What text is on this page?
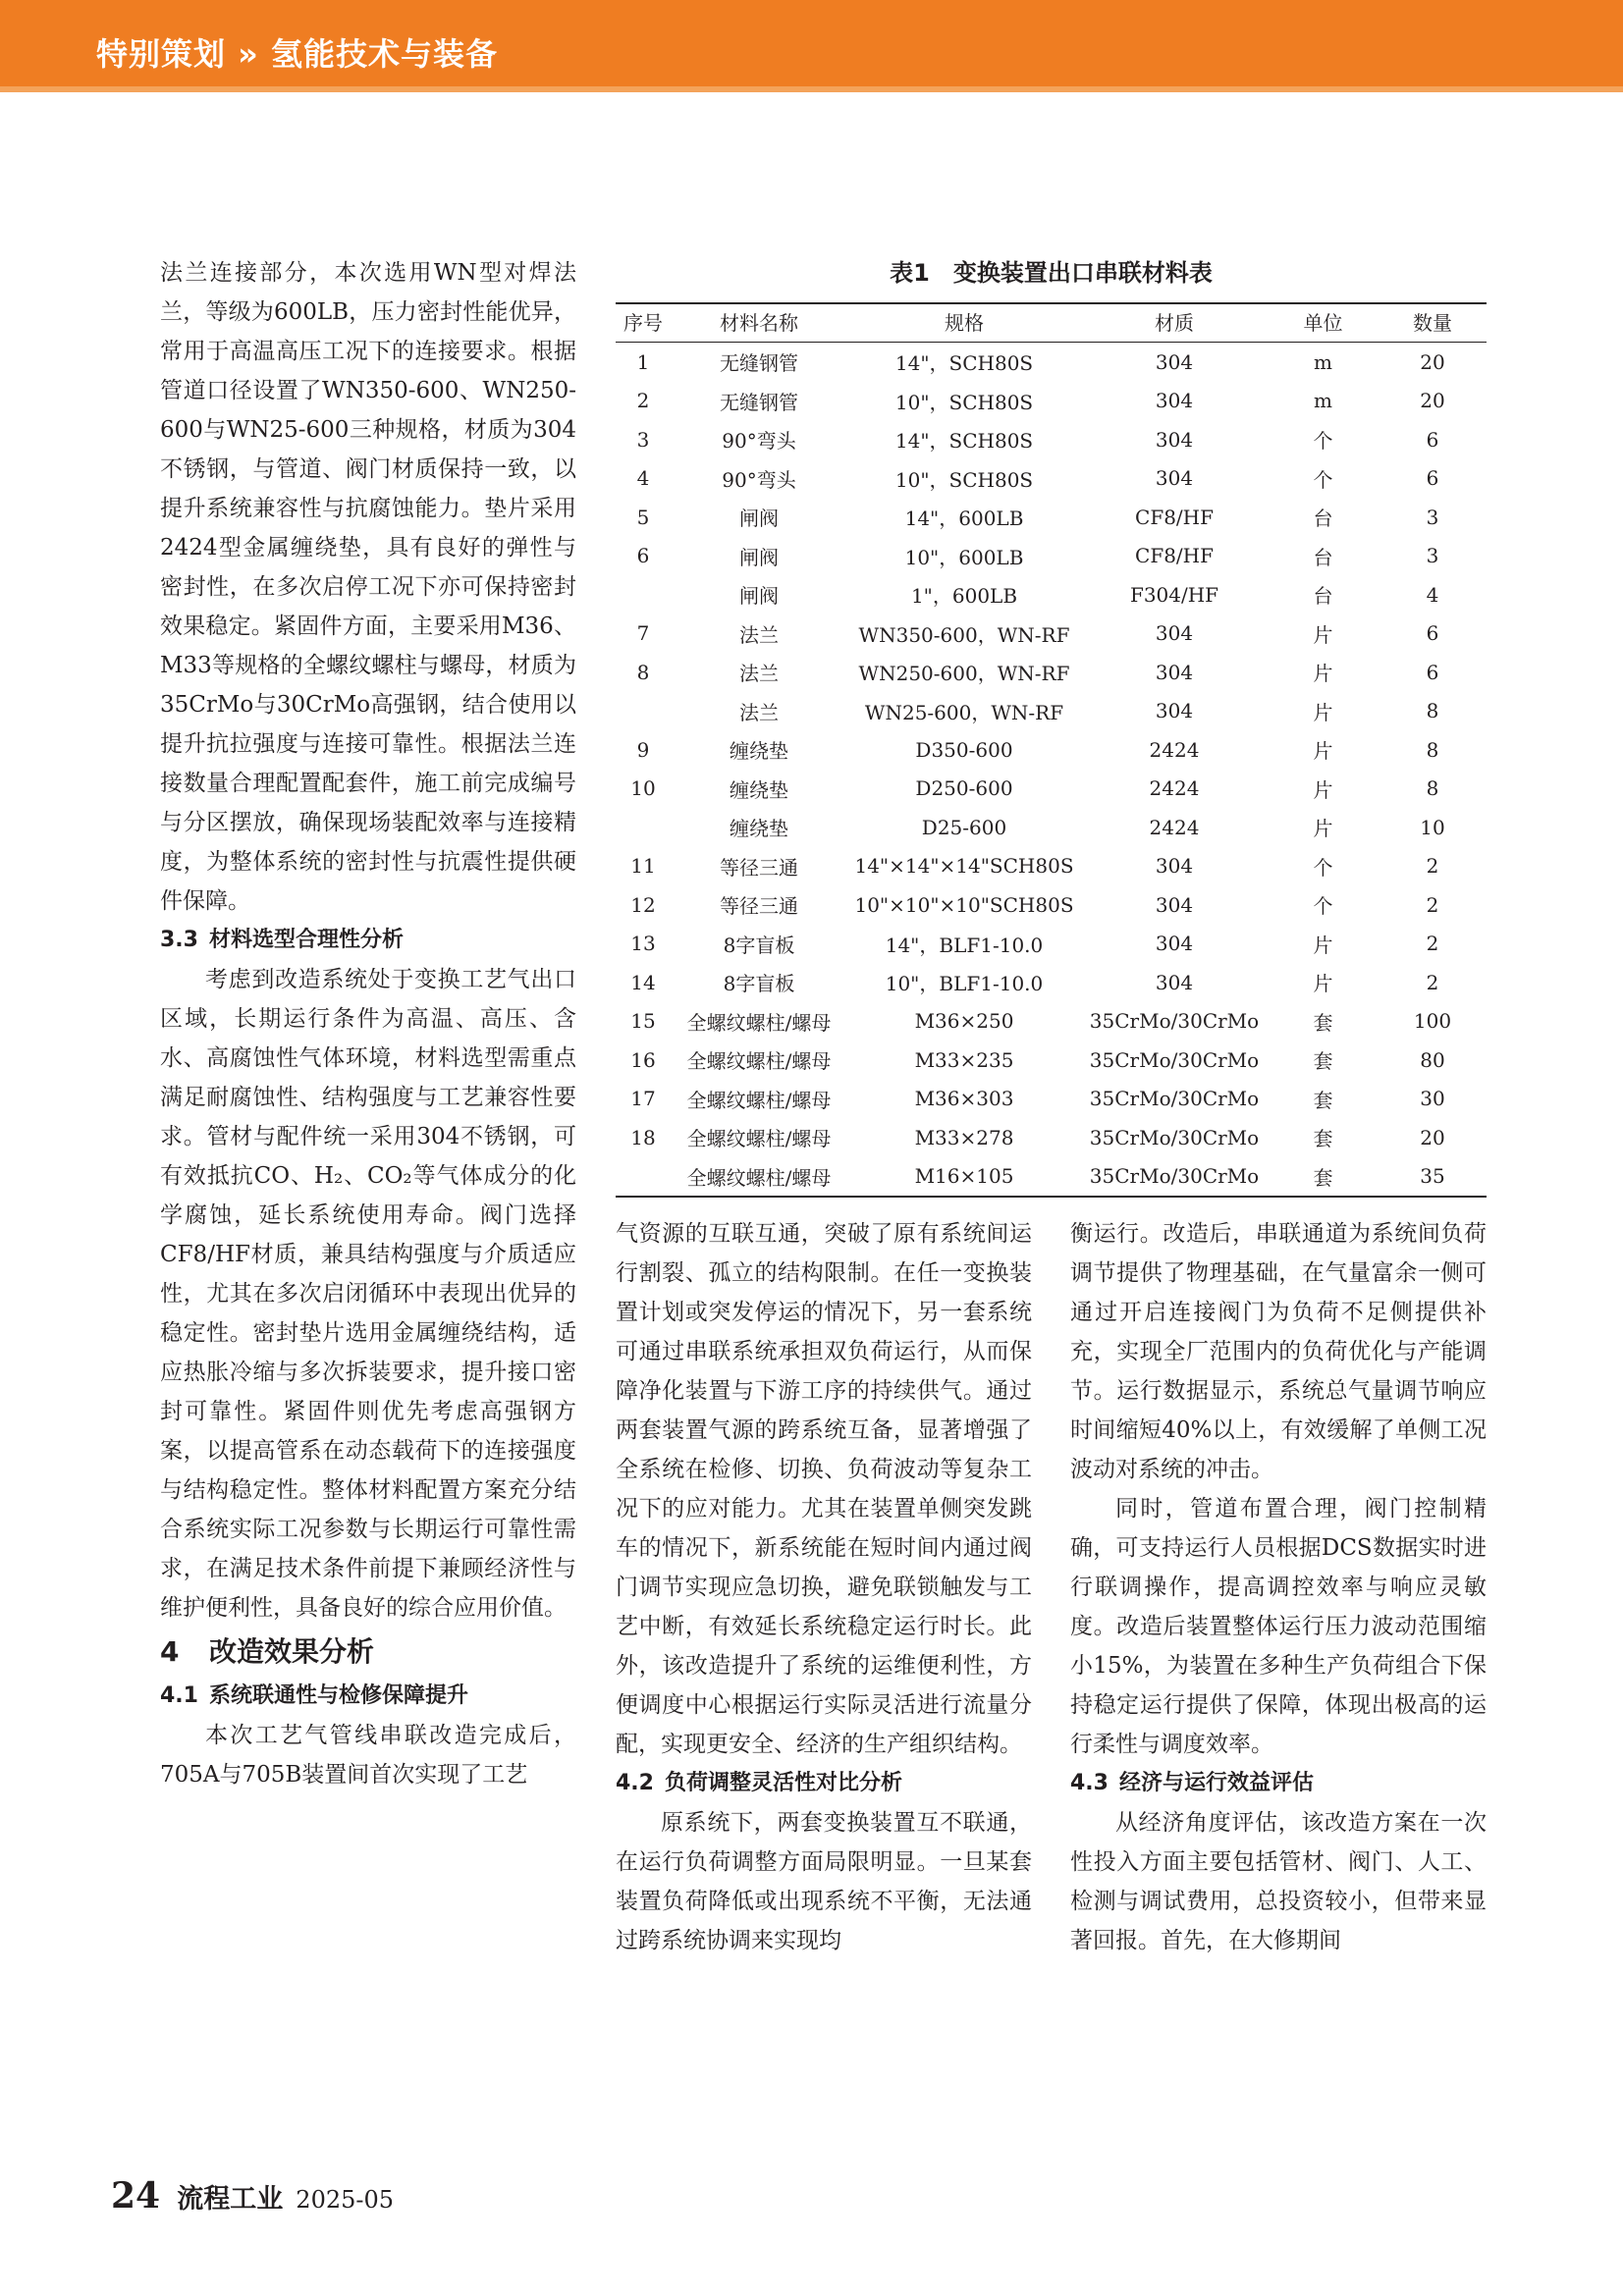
特别策划 » 氢能技术与装备

法兰连接部分，本次选用WN型对焊法兰，等级为600LB，压力密封性能优异，常用于高温高压工况下的连接要求。根据管道口径设置了WN350-600、WN250-600与WN25-600三种规格，材质为304不锈钢，与管道、阀门材质保持一致，以提升系统兼容性与抗腐蚀能力。垫片采用2424型金属缠绕垫，具有良好的弹性与密封性，在多次启停工况下亦可保持密封效果稳定。紧固件方面，主要采用M36、M33等规格的全螺纹螺柱与螺母，材质为35CrMo与30CrMo高强钢，结合使用以提升抗拉强度与连接可靠性。根据法兰连接数量合理配置配套件，施工前完成编号与分区摆放，确保现场装配效率与连接精度，为整体系统的密封性与抗震性提供硬件保障。

3.3 材料选型合理性分析

考虑到改造系统处于变换工艺气出口区域，长期运行条件为高温、高压、含水、高腐蚀性气体环境，材料选型需重点满足耐腐蚀性、结构强度与工艺兼容性要求。管材与配件统一采用304不锈钢，可有效抵抗CO、H₂、CO₂等气体成分的化学腐蚀，延长系统使用寿命。阀门选择CF8/HF材质，兼具结构强度与介质适应性，尤其在多次启闭循环中表现出优异的稳定性。密封垫片选用金属缠绕结构，适应热胀冷缩与多次拆装要求，提升接口密封可靠性。紧固件则优先考虑高强钢方案，以提高管系在动态载荷下的连接强度与结构稳定性。整体材料配置方案充分结合系统实际工况参数与长期运行可靠性需求，在满足技术条件前提下兼顾经济性与维护便利性，具备良好的综合应用价值。

4 改造效果分析
4.1 系统联通性与检修保障提升

本次工艺气管线串联改造完成后，705A与705B装置间首次实现了工艺

表1　变换装置出口串联材料表
序号	材料名称	规格	材质	单位	数量
1	无缝钢管	14"，SCH80S	304	m	20
2	无缝钢管	10"，SCH80S	304	m	20
3	90°弯头	14"，SCH80S	304	个	6
4	90°弯头	10"，SCH80S	304	个	6
5	闸阀	14"，600LB	CF8/HF	台	3
6	闸阀	10"，600LB	CF8/HF	台	3
	闸阀	1"，600LB	F304/HF	台	4
7	法兰	WN350-600，WN-RF	304	片	6
8	法兰	WN250-600，WN-RF	304	片	6
	法兰	WN25-600，WN-RF	304	片	8
9	缠绕垫	D350-600	2424	片	8
10	缠绕垫	D250-600	2424	片	8
	缠绕垫	D25-600	2424	片	10
11	等径三通	14"×14"×14"SCH80S	304	个	2
12	等径三通	10"×10"×10"SCH80S	304	个	2
13	8字盲板	14"，BLF1-10.0	304	片	2
14	8字盲板	10"，BLF1-10.0	304	片	2
15	全螺纹螺柱/螺母	M36×250	35CrMo/30CrMo	套	100
16	全螺纹螺柱/螺母	M33×235	35CrMo/30CrMo	套	80
17	全螺纹螺柱/螺母	M36×303	35CrMo/30CrMo	套	30
18	全螺纹螺柱/螺母	M33×278	35CrMo/30CrMo	套	20
	全螺纹螺柱/螺母	M16×105	35CrMo/30CrMo	套	35

气资源的互联互通，突破了原有系统间运行割裂、孤立的结构限制。在任一变换装置计划或突发停运的情况下，另一套系统可通过串联系统承担双负荷运行，从而保障净化装置与下游工序的持续供气。通过两套装置气源的跨系统互备，显著增强了全系统在检修、切换、负荷波动等复杂工况下的应对能力。尤其在装置单侧突发跳车的情况下，新系统能在短时间内通过阀门调节实现应急切换，避免联锁触发与工艺中断，有效延长系统稳定运行时长。此外，该改造提升了系统的运维便利性，方便调度中心根据运行实际灵活进行流量分配，实现更安全、经济的生产组织结构。

4.2 负荷调整灵活性对比分析

原系统下，两套变换装置互不联通，在运行负荷调整方面局限明显。一旦某套装置负荷降低或出现系统不平衡，无法通过跨系统协调来实现均

衡运行。改造后，串联通道为系统间负荷调节提供了物理基础，在气量富余一侧可通过开启连接阀门为负荷不足侧提供补充，实现全厂范围内的负荷优化与产能调节。运行数据显示，系统总气量调节响应时间缩短40%以上，有效缓解了单侧工况波动对系统的冲击。

同时，管道布置合理，阀门控制精确，可支持运行人员根据DCS数据实时进行联调操作，提高调控效率与响应灵敏度。改造后装置整体运行压力波动范围缩小15%，为装置在多种生产负荷组合下保持稳定运行提供了保障，体现出极高的运行柔性与调度效率。

4.3 经济与运行效益评估

从经济角度评估，该改造方案在一次性投入方面主要包括管材、阀门、人工、检测与调试费用，总投资较小，但带来显著回报。首先，在大修期间

24 流程工业 2025-05
